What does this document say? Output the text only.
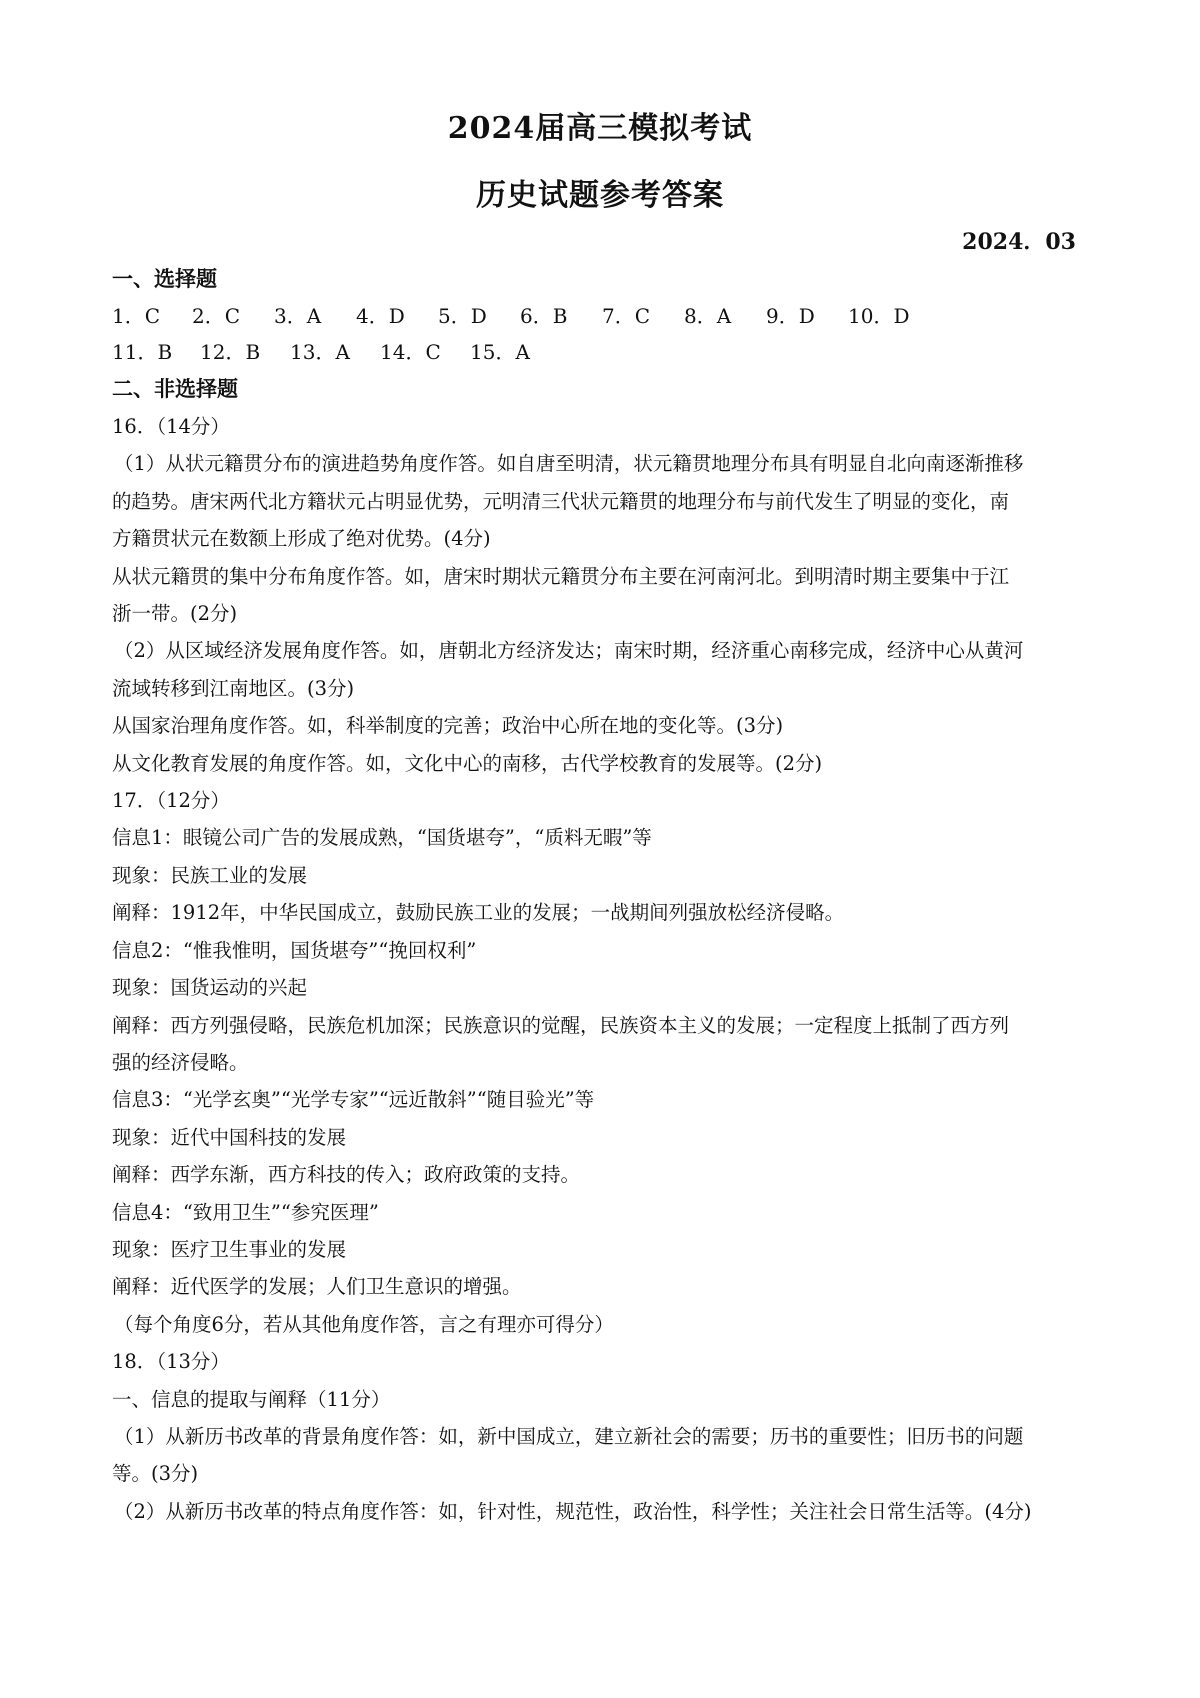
2024届高三模拟考试
历史试题参考答案
2024．03
一、选择题
1．C	2．C	3．A	4．D	5．D	6．B	7．C	8．A	9．D	10．D
11．B	12．B	13．A	14．C	15．A
二、非选择题

16．（14分）

（1）从状元籍贯分布的演进趋势角度作答。如自唐至明清，状元籍贯地理分布具有明显自北向南逐渐推移

的趋势。唐宋两代北方籍状元占明显优势，元明清三代状元籍贯的地理分布与前代发生了明显的变化，南

方籍贯状元在数额上形成了绝对优势。(4分)

从状元籍贯的集中分布角度作答。如，唐宋时期状元籍贯分布主要在河南河北。到明清时期主要集中于江

浙一带。(2分)

（2）从区域经济发展角度作答。如，唐朝北方经济发达；南宋时期，经济重心南移完成，经济中心从黄河

流域转移到江南地区。(3分)

从国家治理角度作答。如，科举制度的完善；政治中心所在地的变化等。(3分)

从文化教育发展的角度作答。如，文化中心的南移，古代学校教育的发展等。(2分)

17．（12分）

信息1：眼镜公司广告的发展成熟，“国货堪夸”，“质料无暇”等

现象：民族工业的发展

阐释：1912年，中华民国成立，鼓励民族工业的发展；一战期间列强放松经济侵略。

信息2：“惟我惟明，国货堪夸”“挽回权利”

现象：国货运动的兴起

阐释：西方列强侵略，民族危机加深；民族意识的觉醒，民族资本主义的发展；一定程度上抵制了西方列

强的经济侵略。

信息3：“光学玄奥”“光学专家”“远近散斜”“随目验光”等

现象：近代中国科技的发展

阐释：西学东渐，西方科技的传入；政府政策的支持。

信息4：“致用卫生”“参究医理”

现象：医疗卫生事业的发展

阐释：近代医学的发展；人们卫生意识的增强。

（每个角度6分，若从其他角度作答，言之有理亦可得分）

18．（13分）

一、信息的提取与阐释（11分）

（1）从新历书改革的背景角度作答：如，新中国成立，建立新社会的需要；历书的重要性；旧历书的问题

等。(3分)

（2）从新历书改革的特点角度作答：如，针对性，规范性，政治性，科学性；关注社会日常生活等。(4分)
